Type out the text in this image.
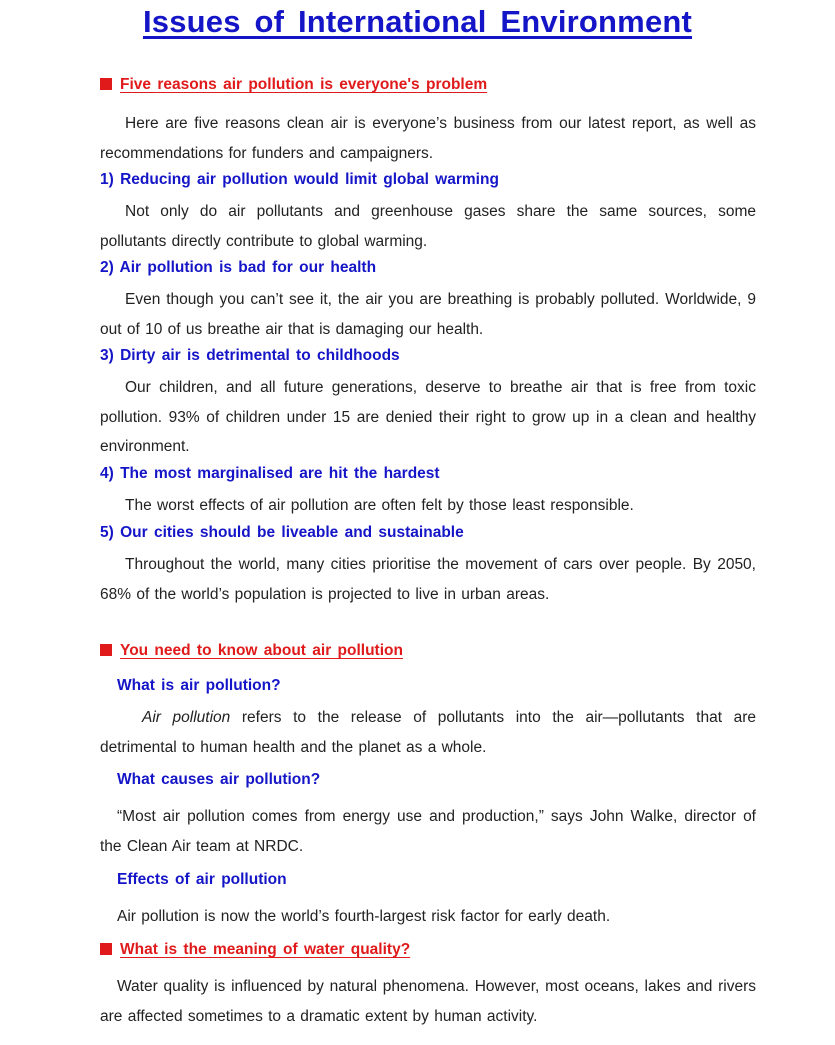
Issues of International Environment
Five reasons air pollution is everyone's problem
Here are five reasons clean air is everyone’s business from our latest report, as well as recommendations for funders and campaigners.
1) Reducing air pollution would limit global warming
Not only do air pollutants and greenhouse gases share the same sources, some pollutants directly contribute to global warming.
2) Air pollution is bad for our health
Even though you can’t see it, the air you are breathing is probably polluted. Worldwide, 9 out of 10 of us breathe air that is damaging our health.
3) Dirty air is detrimental to childhoods
Our children, and all future generations, deserve to breathe air that is free from toxic pollution. 93% of children under 15 are denied their right to grow up in a clean and healthy environment.
4) The most marginalised are hit the hardest
The worst effects of air pollution are often felt by those least responsible.
5) Our cities should be liveable and sustainable
Throughout the world, many cities prioritise the movement of cars over people. By 2050, 68% of the world’s population is projected to live in urban areas.
You need to know about air pollution
What is air pollution?
Air pollution refers to the release of pollutants into the air—pollutants that are detrimental to human health and the planet as a whole.
What causes air pollution?
“Most air pollution comes from energy use and production,” says John Walke, director of the Clean Air team at NRDC.
Effects of air pollution
Air pollution is now the world’s fourth-largest risk factor for early death.
What is the meaning of water quality?
Water quality is influenced by natural phenomena. However, most oceans, lakes and rivers are affected sometimes to a dramatic extent by human activity.
